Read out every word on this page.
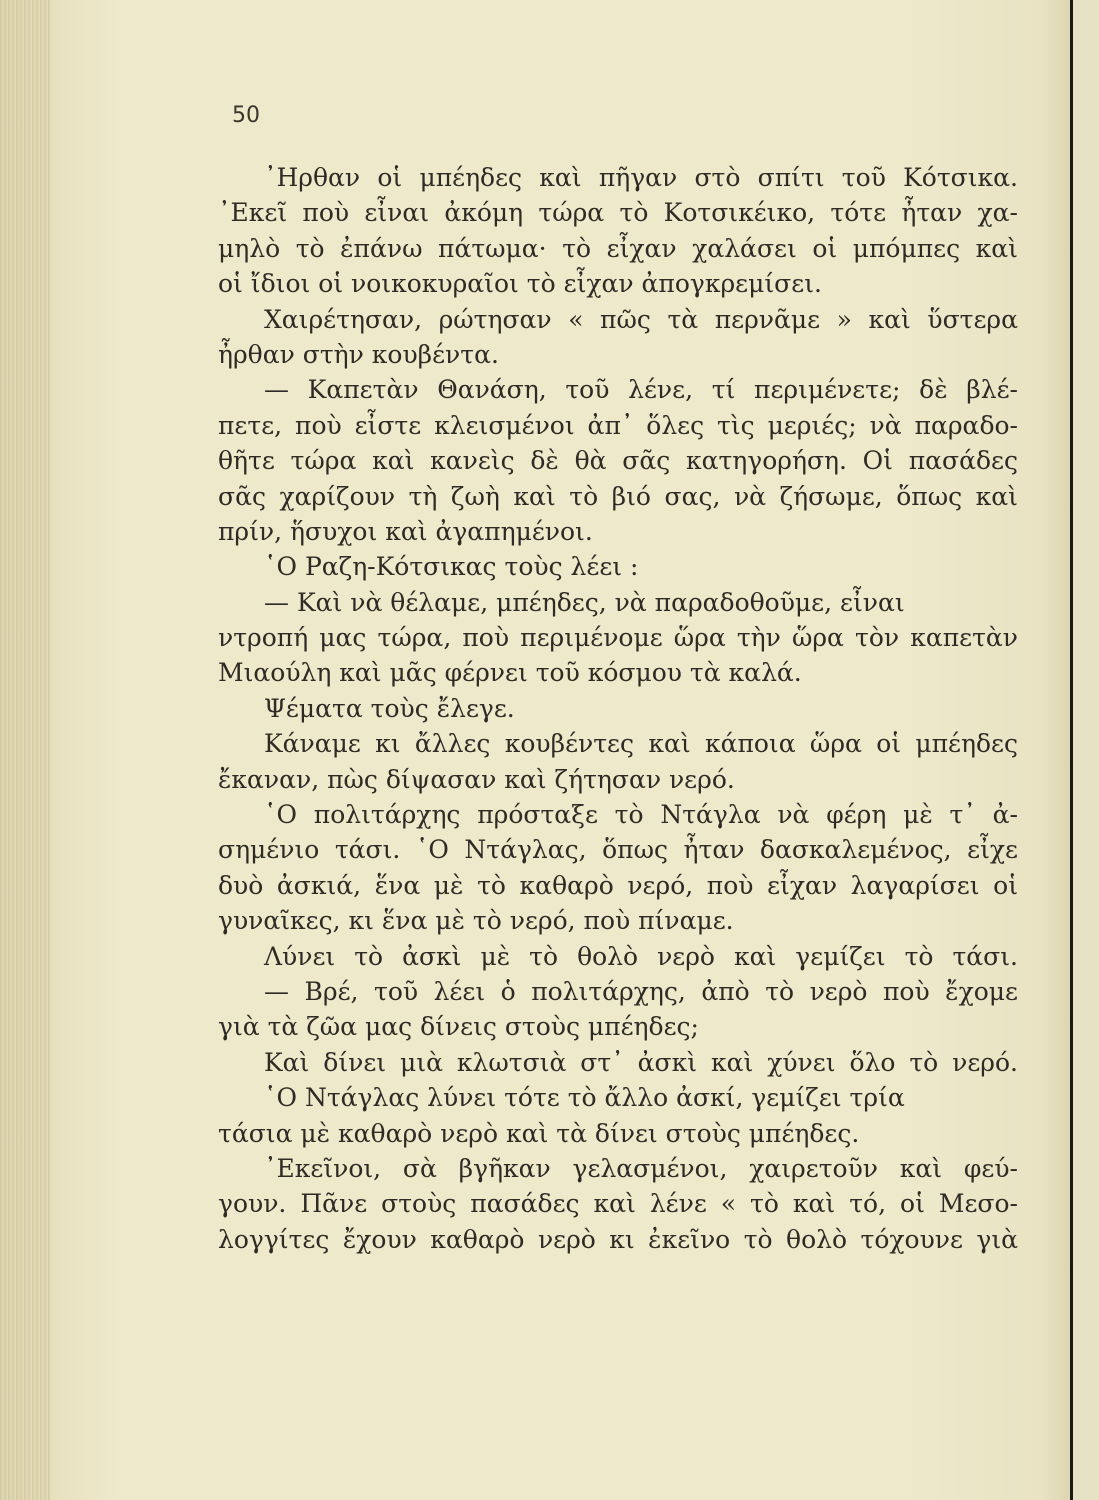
50
᾽Ηρθαν οἱ μπέηδες καὶ πῆγαν στὸ σπίτι τοῦ Κότσικα.
᾽Εκεῖ ποὺ εἶναι ἀκόμη τώρα τὸ Κοτσικέικο, τότε ἦταν χα-
μηλὸ τὸ ἐπάνω πάτωμα· τὸ εἶχαν χαλάσει οἱ μπόμπες καὶ
οἱ ἴδιοι οἱ νοικοκυραῖοι τὸ εἶχαν ἀπογκρεμίσει.
Χαιρέτησαν, ρώτησαν « πῶς τὰ περνᾶμε » καὶ ὕστερα
ἦρθαν στὴν κουβέντα.
— Καπετὰν Θανάση, τοῦ λένε, τί περιμένετε; δὲ βλέ-
πετε, ποὺ εἶστε κλεισμένοι ἀπ᾽ ὅλες τὶς μεριές; νὰ παραδο-
θῆτε τώρα καὶ κανεὶς δὲ θὰ σᾶς κατηγορήση. Οἱ πασάδες
σᾶς χαρίζουν τὴ ζωὴ καὶ τὸ βιό σας, νὰ ζήσωμε, ὅπως καὶ
πρίν, ἥσυχοι καὶ ἀγαπημένοι.
῾Ο Ραζη-Κότσικας τοὺς λέει :
— Καὶ νὰ θέλαμε, μπέηδες, νὰ παραδοθοῦμε, εἶναι
ντροπή μας τώρα, ποὺ περιμένομε ὥρα τὴν ὥρα τὸν καπετὰν
Μιαούλη καὶ μᾶς φέρνει τοῦ κόσμου τὰ καλά.
Ψέματα τοὺς ἔλεγε.
Κάναμε κι ἄλλες κουβέντες καὶ κάποια ὥρα οἱ μπέηδες
ἔκαναν, πὼς δίψασαν καὶ ζήτησαν νερό.
῾Ο πολιτάρχης πρόσταξε τὸ Ντάγλα νὰ φέρη μὲ τ᾽ ἀ-
σημένιο τάσι. ῾Ο Ντάγλας, ὅπως ἦταν δασκαλεμένος, εἶχε
δυὸ ἀσκιά, ἕνα μὲ τὸ καθαρὸ νερό, ποὺ εἶχαν λαγαρίσει οἱ
γυναῖκες, κι ἕνα μὲ τὸ νερό, ποὺ πίναμε.
Λύνει τὸ ἀσκὶ μὲ τὸ θολὸ νερὸ καὶ γεμίζει τὸ τάσι.
— Βρέ, τοῦ λέει ὁ πολιτάρχης, ἀπὸ τὸ νερὸ ποὺ ἔχομε
γιὰ τὰ ζῶα μας δίνεις στοὺς μπέηδες;
Καὶ δίνει μιὰ κλωτσιὰ στ᾽ ἀσκὶ καὶ χύνει ὅλο τὸ νερό.
῾Ο Ντάγλας λύνει τότε τὸ ἄλλο ἀσκί, γεμίζει τρία
τάσια μὲ καθαρὸ νερὸ καὶ τὰ δίνει στοὺς μπέηδες.
᾽Εκεῖνοι, σὰ βγῆκαν γελασμένοι, χαιρετοῦν καὶ φεύ-
γουν. Πᾶνε στοὺς πασάδες καὶ λένε « τὸ καὶ τό, οἱ Μεσο-
λογγίτες ἔχουν καθαρὸ νερὸ κι ἐκεῖνο τὸ θολὸ τόχουνε γιὰ
